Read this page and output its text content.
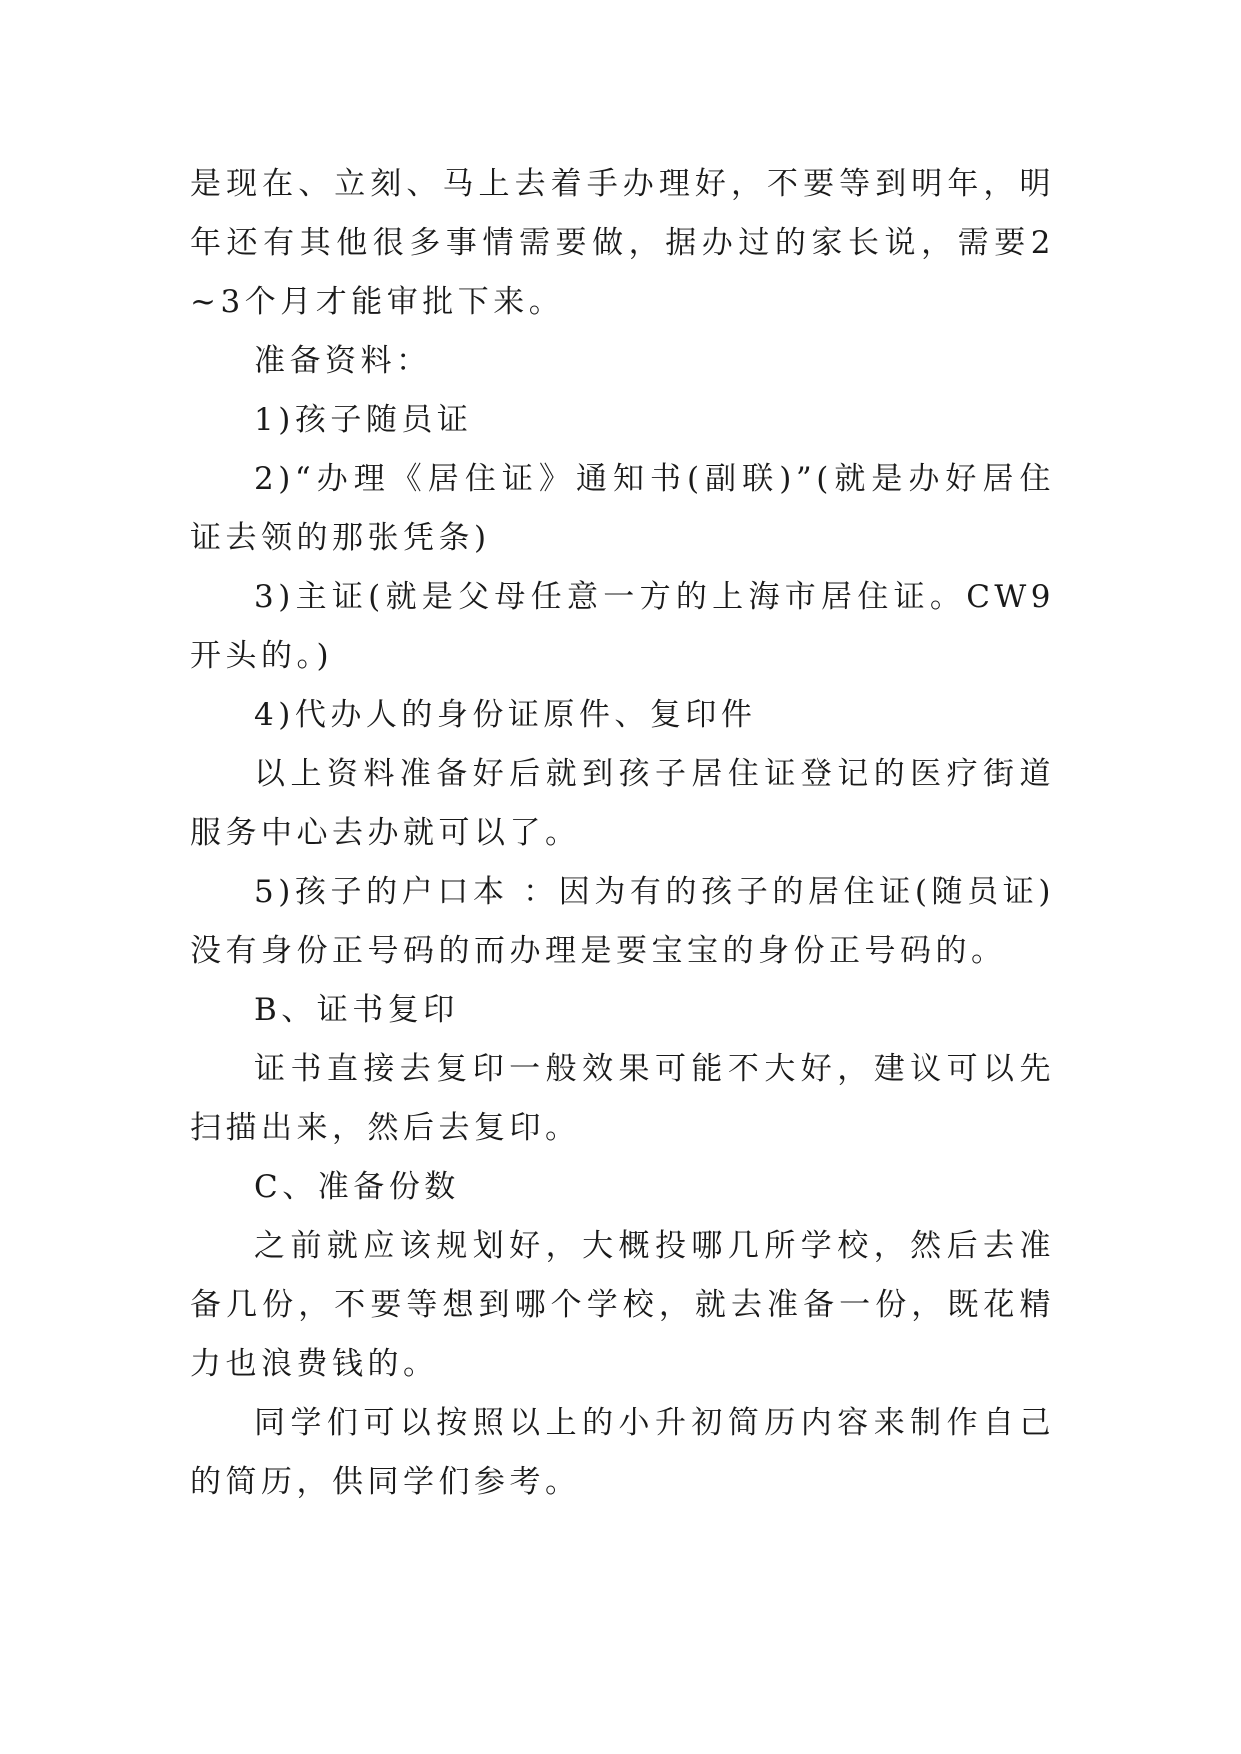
是现在、立刻、马上去着手办理好，不要等到明年，明年还有其他很多事情需要做，据办过的家长说，需要2~3个月才能审批下来。

准备资料：

1)孩子随员证

2)“办理《居住证》通知书(副联)”(就是办好居住证去领的那张凭条)

3)主证(就是父母任意一方的上海市居住证。CW9开头的。)

4)代办人的身份证原件、复印件

以上资料准备好后就到孩子居住证登记的医疗街道服务中心去办就可以了。

5)孩子的户口本 ：因为有的孩子的居住证(随员证)没有身份正号码的而办理是要宝宝的身份正号码的。

B、证书复印

证书直接去复印一般效果可能不大好，建议可以先扫描出来，然后去复印。

C、准备份数

之前就应该规划好，大概投哪几所学校，然后去准备几份，不要等想到哪个学校，就去准备一份，既花精力也浪费钱的。

同学们可以按照以上的小升初简历内容来制作自己的简历，供同学们参考。
